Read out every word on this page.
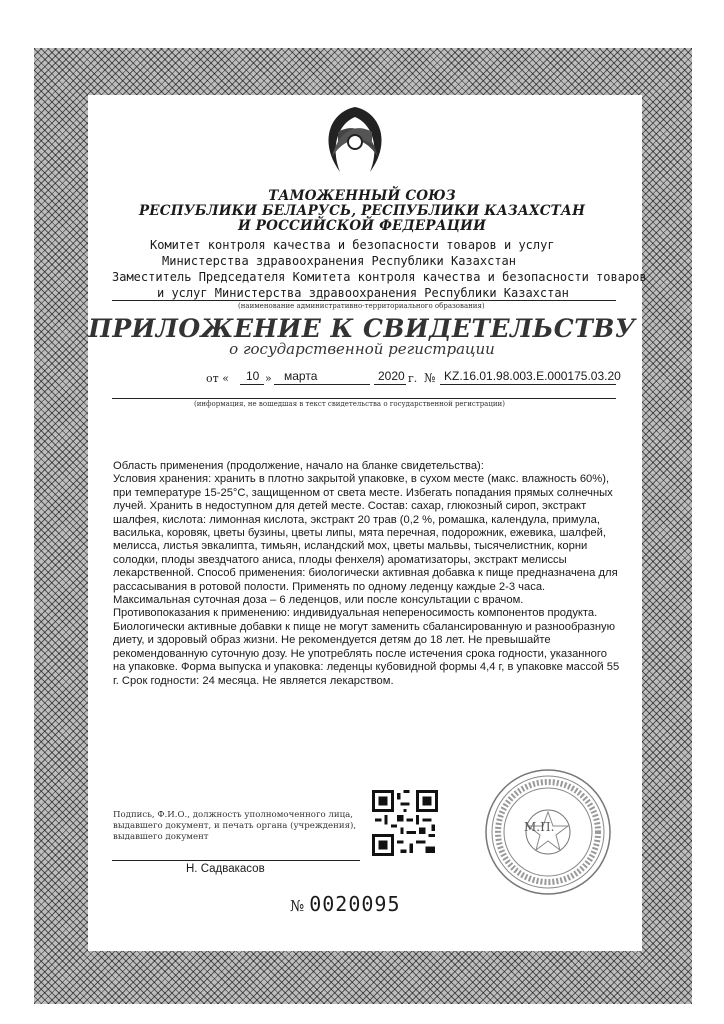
ТАМОЖЕННЫЙ СОЮЗ
РЕСПУБЛИКИ БЕЛАРУСЬ, РЕСПУБЛИКИ КАЗАХСТАН
И РОССИЙСКОЙ ФЕДЕРАЦИИ
Комитет контроля качества и безопасности товаров и услуг
Министерства здравоохранения Республики Казахстан
Заместитель Председателя Комитета контроля качества и безопасности товаров
и услуг Министерства здравоохранения Республики Казахстан
(наименование административно-территориального образования)
ПРИЛОЖЕНИЕ К СВИДЕТЕЛЬСТВУ
о государственной регистрации
от « 10 » марта	2020 г. № KZ.16.01.98.003.E.000175.03.20
(информация, не вошедшая в текст свидетельства о государственной регистрации)

Область применения (продолжение, начало на бланке свидетельства):

Условия хранения: хранить в плотно закрытой упаковке, в сухом месте (макс. влажность 60%),

при температуре 15-25°С, защищенном от света месте. Избегать попадания прямых солнечных

лучей. Хранить в недоступном для детей месте. Состав: сахар, глюкозный сироп, экстракт

шалфея, кислота: лимонная кислота, экстракт 20 трав (0,2 %, ромашка, календула, примула,

василька, коровяк, цветы бузины, цветы липы, мята перечная, подорожник, ежевика, шалфей,

мелисса, листья эвкалипта, тимьян, исландский мох, цветы мальвы, тысячелистник, корни

солодки, плоды звездчатого аниса, плоды фенхеля) ароматизаторы, экстракт мелиссы

лекарственной. Способ применения: биологически активная добавка к пище предназначена для

рассасывания в ротовой полости. Применять по одному леденцу каждые 2-3 часа.

Максимальная суточная доза – 6 леденцов, или после консультации с врачом.

Противопоказания к применению: индивидуальная непереносимость компонентов продукта.

Биологически активные добавки к пище не могут заменить сбалансированную и разнообразную

диету, и здоровый образ жизни. Не рекомендуется детям до 18 лет. Не превышайте

рекомендованную суточную дозу. Не употреблять после истечения срока годности, указанного

на упаковке. Форма выпуска и упаковка: леденцы кубовидной формы 4,4 г, в упаковке массой 55

г. Срок годности: 24 месяца. Не является лекарством.

Подпись, Ф.И.О., должность уполномоченного лица,

выдавшего документ, и печать органа (учреждения),

выдавшего документ

Н. Садвакасов
М.П.
№ 0020095
